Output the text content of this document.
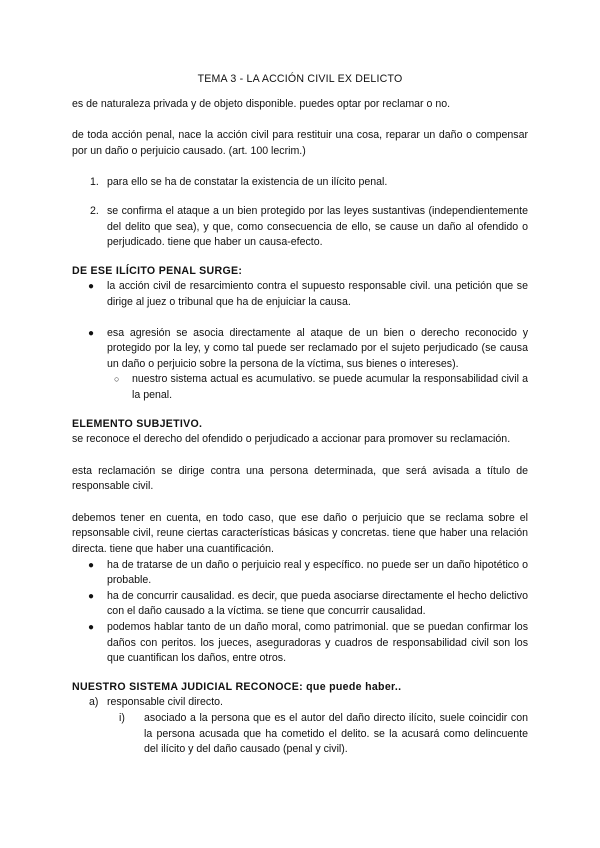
TEMA 3 - LA ACCIÓN CIVIL EX DELICTO

es de naturaleza privada y de objeto disponible. puedes optar por reclamar o no.

de toda acción penal, nace la acción civil para restituir una cosa, reparar un daño o compensar por un daño o perjuicio causado. (art. 100 lecrim.)

1. para ello se ha de constatar la existencia de un ilícito penal.
2. se confirma el ataque a un bien protegido por las leyes sustantivas (independientemente del delito que sea), y que, como consecuencia de ello, se cause un daño al ofendido o perjudicado. tiene que haber un causa-efecto.

DE ESE ILÍCITO PENAL SURGE:

● la acción civil de resarcimiento contra el supuesto responsable civil. una petición que se dirige al juez o tribunal que ha de enjuiciar la causa.
● esa agresión se asocia directamente al ataque de un bien o derecho reconocido y protegido por la ley, y como tal puede ser reclamado por el sujeto perjudicado (se causa un daño o perjuicio sobre la persona de la víctima, sus bienes o intereses).
○ nuestro sistema actual es acumulativo. se puede acumular la responsabilidad civil a la penal.

ELEMENTO SUBJETIVO.

se reconoce el derecho del ofendido o perjudicado a accionar para promover su reclamación.

esta reclamación se dirige contra una persona determinada, que será avisada a título de responsable civil.

debemos tener en cuenta, en todo caso, que ese daño o perjuicio que se reclama sobre el repsonsable civil, reune ciertas características básicas y concretas. tiene que haber una relación directa. tiene que haber una cuantificación.

● ha de tratarse de un daño o perjuicio real y específico. no puede ser un daño hipotético o probable.
● ha de concurrir causalidad. es decir, que pueda asociarse directamente el hecho delictivo con el daño causado a la víctima. se tiene que concurrir causalidad.
● podemos hablar tanto de un daño moral, como patrimonial. que se puedan confirmar los daños con peritos. los jueces, aseguradoras y cuadros de responsabilidad civil son los que cuantifican los daños, entre otros.

NUESTRO SISTEMA JUDICIAL RECONOCE: que puede haber..

a) responsable civil directo.
i) asociado a la persona que es el autor del daño directo ilícito, suele coincidir con la persona acusada que ha cometido el delito. se la acusará como delincuente del ilícito y del daño causado (penal y civil).
